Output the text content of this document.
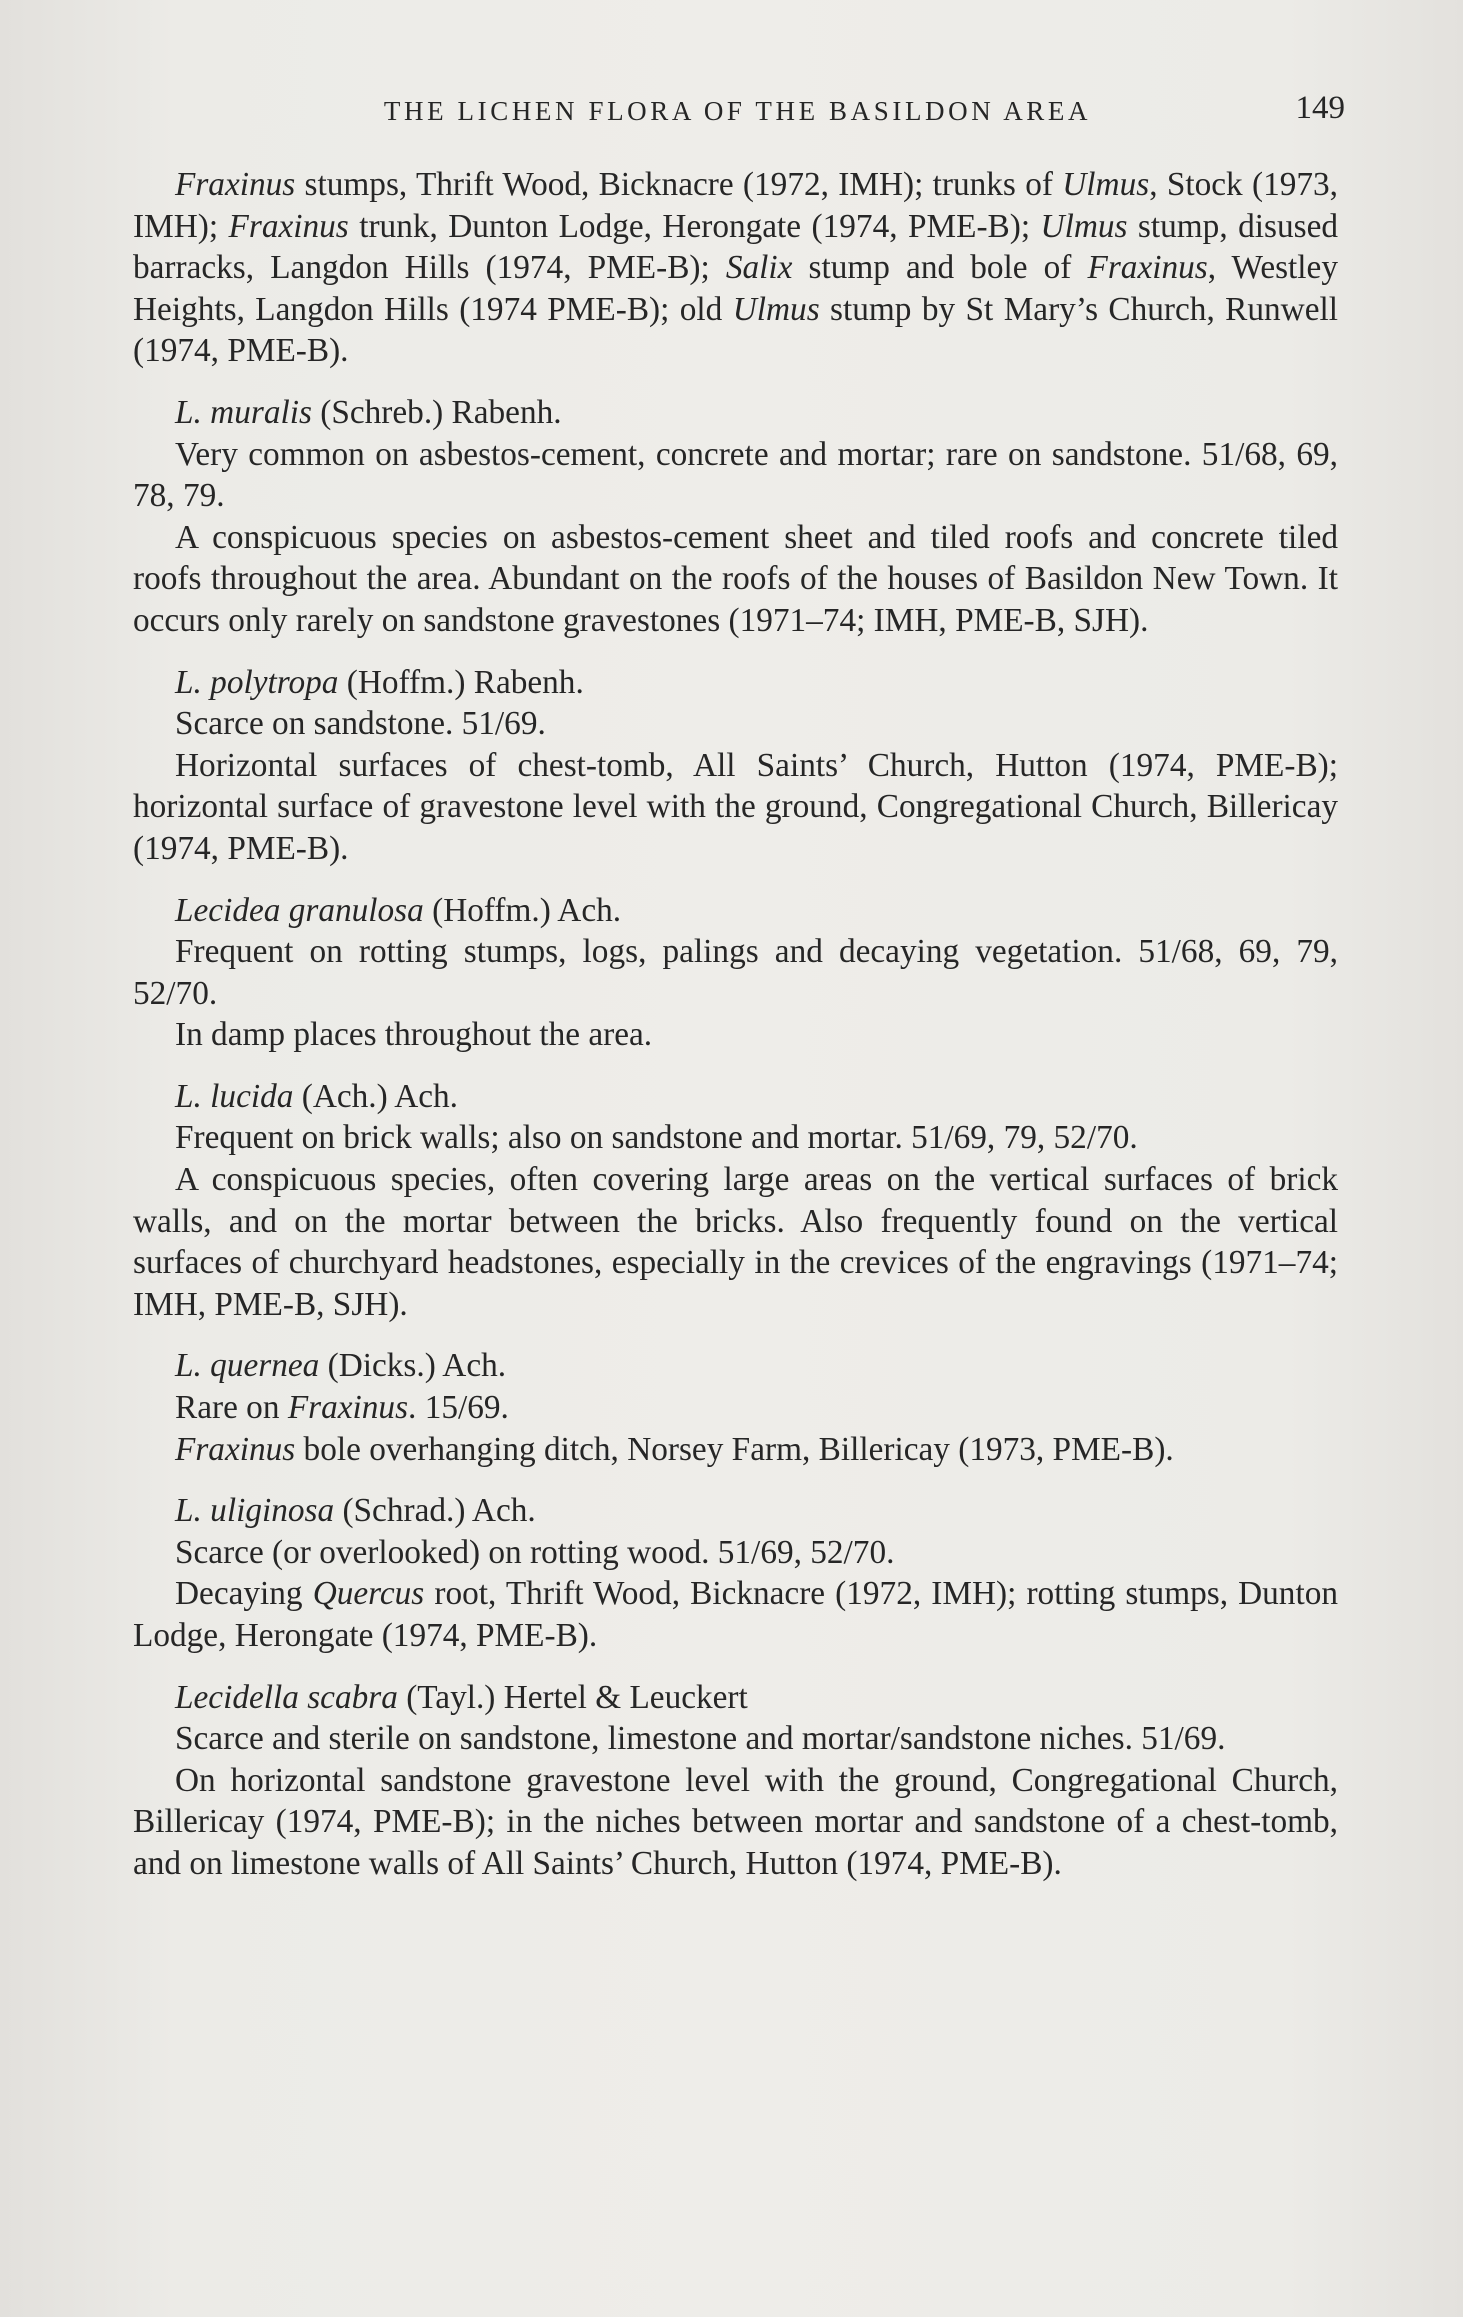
THE LICHEN FLORA OF THE BASILDON AREA	149

Fraxinus stumps, Thrift Wood, Bicknacre (1972, IMH); trunks of Ulmus, Stock (1973, IMH); Fraxinus trunk, Dunton Lodge, Herongate (1974, PME-B); Ulmus stump, disused barracks, Langdon Hills (1974, PME-B); Salix stump and bole of Fraxinus, Westley Heights, Langdon Hills (1974 PME-B); old Ulmus stump by St Mary’s Church, Runwell (1974, PME-B).

L. muralis (Schreb.) Rabenh.

Very common on asbestos-cement, concrete and mortar; rare on sandstone. 51/68, 69, 78, 79.

A conspicuous species on asbestos-cement sheet and tiled roofs and concrete tiled roofs throughout the area. Abundant on the roofs of the houses of Basildon New Town. It occurs only rarely on sandstone gravestones (1971–74; IMH, PME-B, SJH).

L. polytropa (Hoffm.) Rabenh.

Scarce on sandstone. 51/69.

Horizontal surfaces of chest-tomb, All Saints’ Church, Hutton (1974, PME-B); horizontal surface of gravestone level with the ground, Congregational Church, Billericay (1974, PME-B).

Lecidea granulosa (Hoffm.) Ach.

Frequent on rotting stumps, logs, palings and decaying vegetation. 51/68, 69, 79, 52/70.

In damp places throughout the area.

L. lucida (Ach.) Ach.

Frequent on brick walls; also on sandstone and mortar. 51/69, 79, 52/70.

A conspicuous species, often covering large areas on the vertical surfaces of brick walls, and on the mortar between the bricks. Also frequently found on the vertical surfaces of churchyard headstones, especially in the crevices of the engravings (1971–74; IMH, PME-B, SJH).

L. quernea (Dicks.) Ach.

Rare on Fraxinus. 15/69.

Fraxinus bole overhanging ditch, Norsey Farm, Billericay (1973, PME-B).

L. uliginosa (Schrad.) Ach.

Scarce (or overlooked) on rotting wood. 51/69, 52/70.

Decaying Quercus root, Thrift Wood, Bicknacre (1972, IMH); rotting stumps, Dunton Lodge, Herongate (1974, PME-B).

Lecidella scabra (Tayl.) Hertel & Leuckert

Scarce and sterile on sandstone, limestone and mortar/sandstone niches. 51/69.

On horizontal sandstone gravestone level with the ground, Congregational Church, Billericay (1974, PME-B); in the niches between mortar and sandstone of a chest-tomb, and on limestone walls of All Saints’ Church, Hutton (1974, PME-B).
